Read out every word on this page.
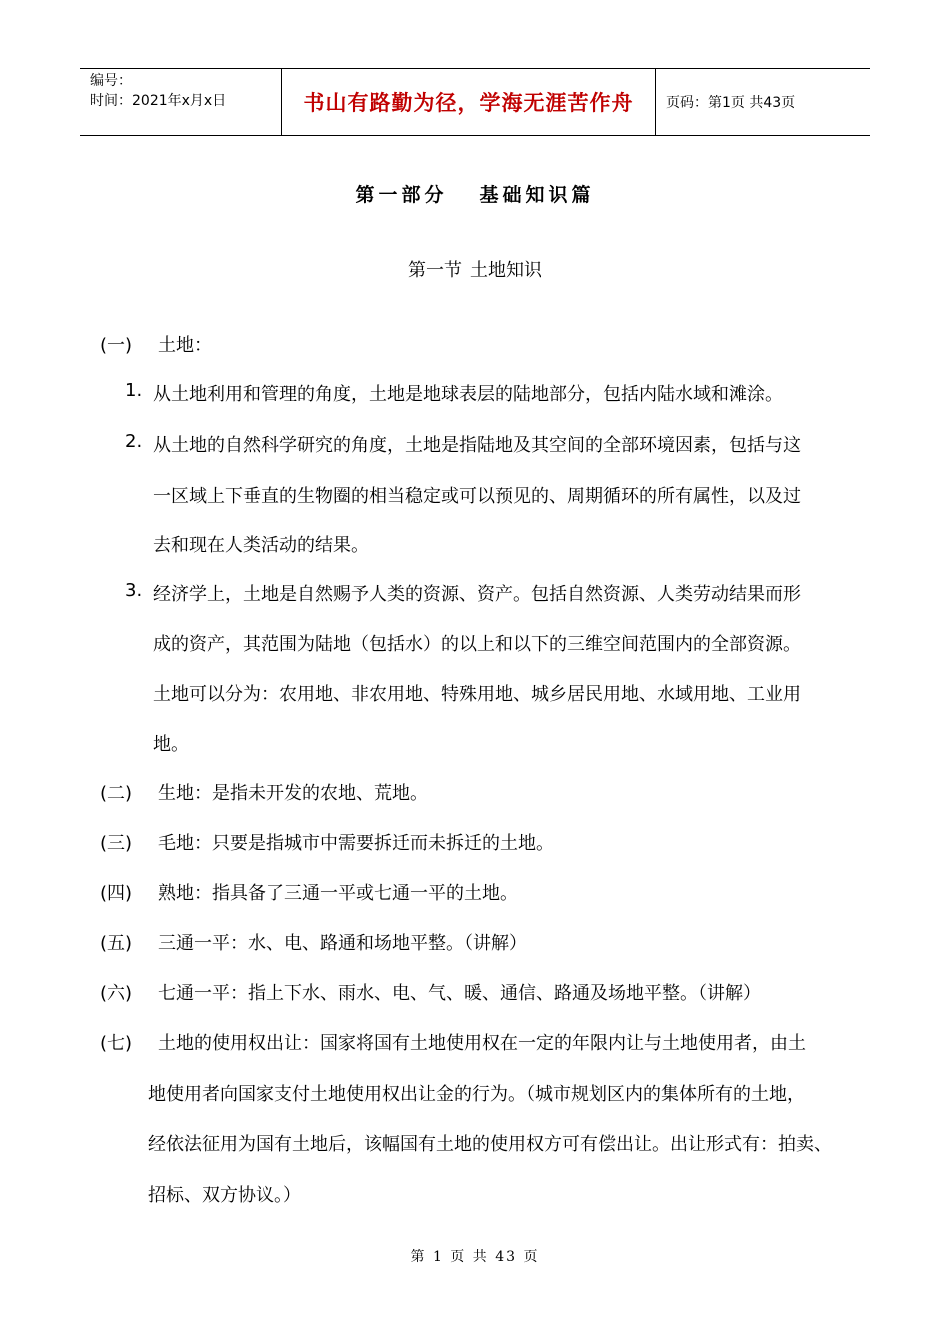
编号：
时间：2021年x月x日	书山有路勤为径，学海无涯苦作舟	页码：第1页 共43页
第一部分 基础知识篇
第一节 土地知识
(一) 土地：
1. 从土地利用和管理的角度，土地是地球表层的陆地部分，包括内陆水域和滩涂。
2. 从土地的自然科学研究的角度，土地是指陆地及其空间的全部环境因素，包括与这
一区域上下垂直的生物圈的相当稳定或可以预见的、周期循环的所有属性，以及过
去和现在人类活动的结果。
3. 经济学上，土地是自然赐予人类的资源、资产。包括自然资源、人类劳动结果而形
成的资产，其范围为陆地（包括水）的以上和以下的三维空间范围内的全部资源。
土地可以分为：农用地、非农用地、特殊用地、城乡居民用地、水域用地、工业用
地。
(二) 生地：是指未开发的农地、荒地。
(三) 毛地：只要是指城市中需要拆迁而未拆迁的土地。
(四) 熟地：指具备了三通一平或七通一平的土地。
(五) 三通一平：水、电、路通和场地平整。（讲解）
(六) 七通一平：指上下水、雨水、电、气、暖、通信、路通及场地平整。（讲解）
(七) 土地的使用权出让：国家将国有土地使用权在一定的年限内让与土地使用者，由土
地使用者向国家支付土地使用权出让金的行为。（城市规划区内的集体所有的土地，
经依法征用为国有土地后，该幅国有土地的使用权方可有偿出让。出让形式有：拍卖、
招标、双方协议。）
第 1 页 共 43 页
